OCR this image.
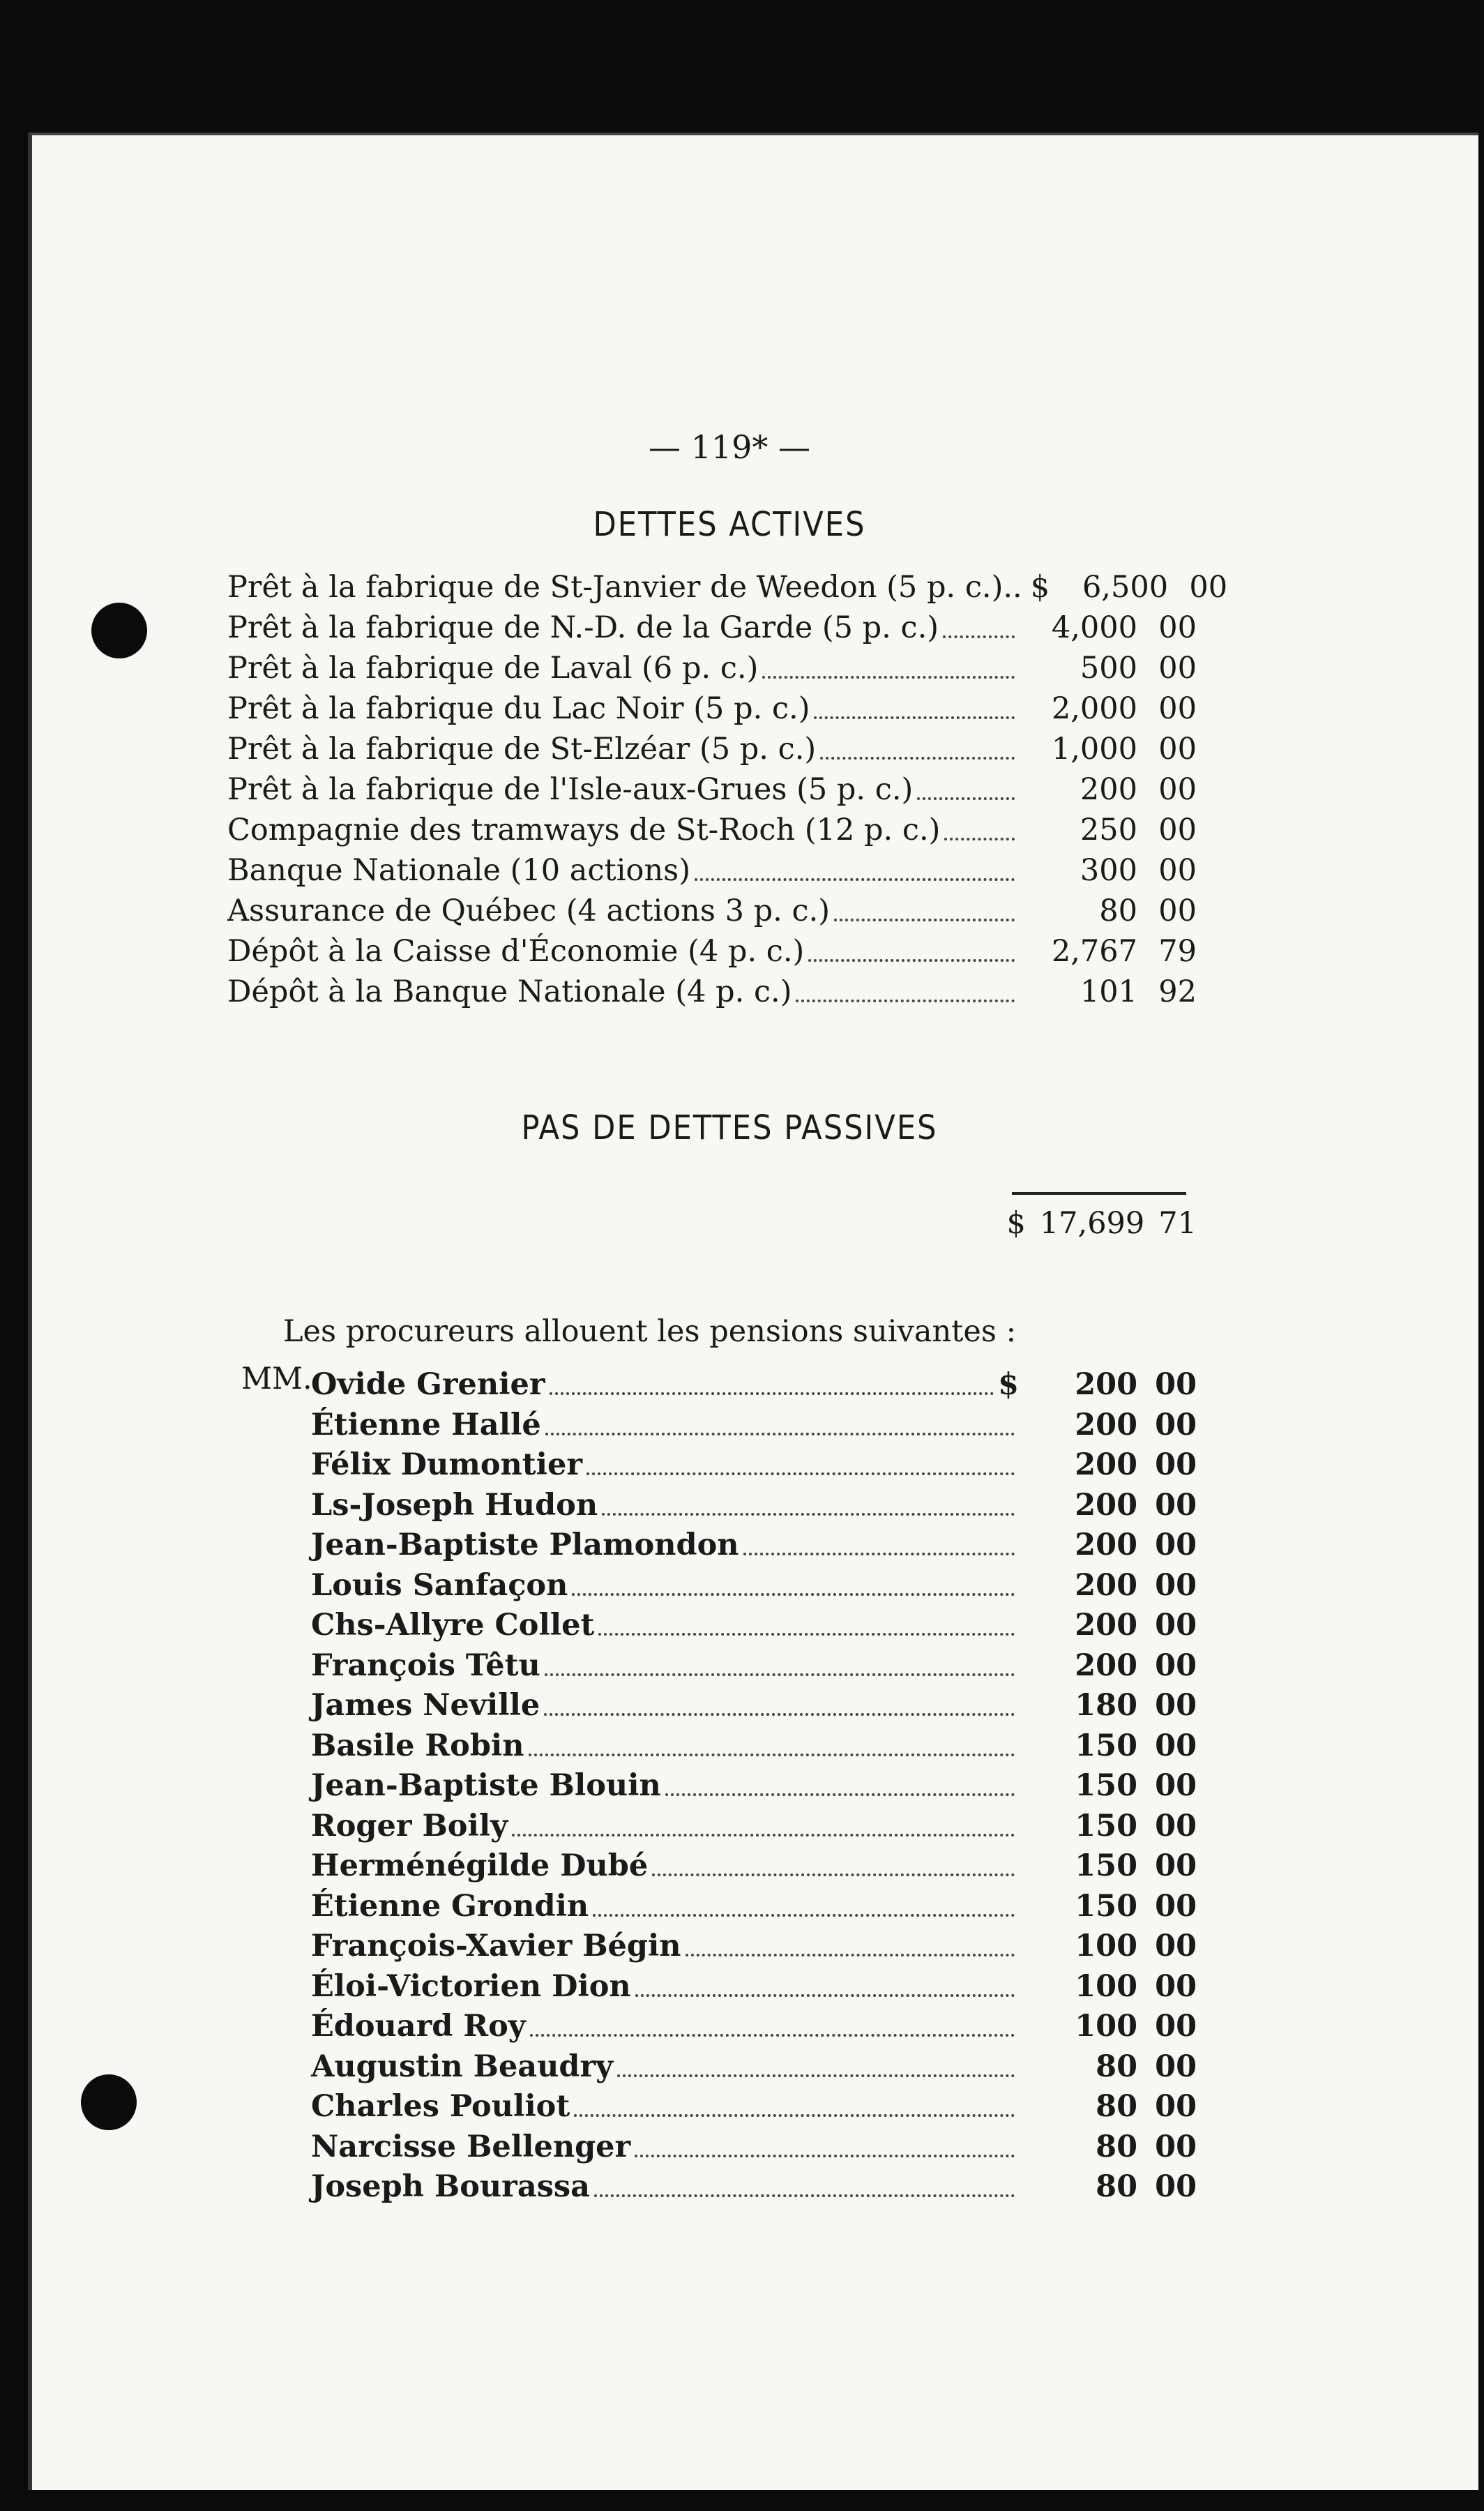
— 119* —
DETTES ACTIVES
Prêt à la fabrique de St-Janvier de Weedon (5 p. c.).. $	6,500 00
Prêt à la fabrique de N.-D. de la Garde (5 p. c.)	4,000 00
Prêt à la fabrique de Laval (6 p. c.)	500 00
Prêt à la fabrique du Lac Noir (5 p. c.)	2,000 00
Prêt à la fabrique de St-Elzéar (5 p. c.)	1,000 00
Prêt à la fabrique de l'Isle-aux-Grues (5 p. c.)	200 00
Compagnie des tramways de St-Roch (12 p. c.)	250 00
Banque Nationale (10 actions)	300 00
Assurance de Québec (4 actions 3 p. c.)	80 00
Dépôt à la Caisse d'Économie (4 p. c.)	2,767 79
Dépôt à la Banque Nationale (4 p. c.)	101 92
$ 17,699 71
PAS DE DETTES PASSIVES
Les procureurs allouent les pensions suivantes :
MM.
Ovide Grenier	$	200 00
Étienne Hallé	200 00
Félix Dumontier	200 00
Ls-Joseph Hudon	200 00
Jean-Baptiste Plamondon	200 00
Louis Sanfaçon	200 00
Chs-Allyre Collet	200 00
François Têtu	200 00
James Neville	180 00
Basile Robin	150 00
Jean-Baptiste Blouin	150 00
Roger Boily	150 00
Herménégilde Dubé	150 00
Étienne Grondin	150 00
François-Xavier Bégin	100 00
Éloi-Victorien Dion	100 00
Édouard Roy	100 00
Augustin Beaudry	80 00
Charles Pouliot	80 00
Narcisse Bellenger	80 00
Joseph Bourassa	80 00
